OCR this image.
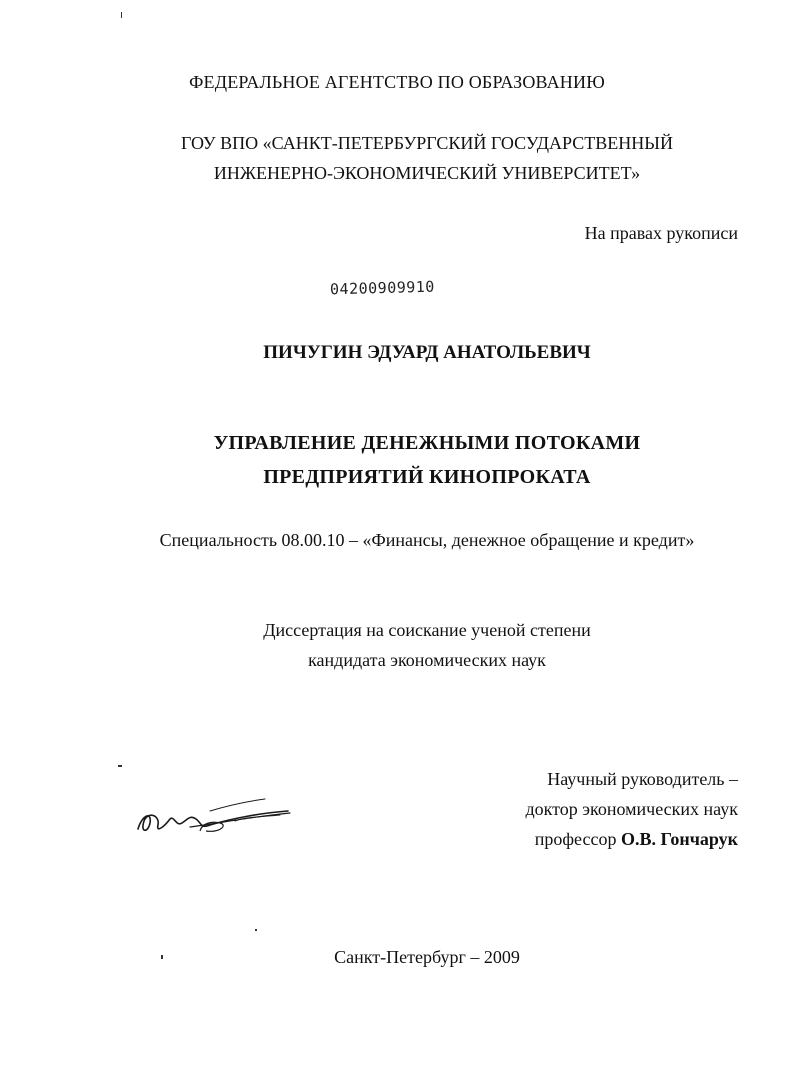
ФЕДЕРАЛЬНОЕ АГЕНТСТВО ПО ОБРАЗОВАНИЮ
ГОУ ВПО «САНКТ-ПЕТЕРБУРГСКИЙ ГОСУДАРСТВЕННЫЙ
ИНЖЕНЕРНО-ЭКОНОМИЧЕСКИЙ УНИВЕРСИТЕТ»
На правах рукописи
04200909910
ПИЧУГИН ЭДУАРД АНАТОЛЬЕВИЧ
УПРАВЛЕНИЕ ДЕНЕЖНЫМИ ПОТОКАМИ
ПРЕДПРИЯТИЙ КИНОПРОКАТА
Специальность 08.00.10 – «Финансы, денежное обращение и кредит»
Диссертация на соискание ученой степени
кандидата экономических наук
Научный руководитель –
доктор экономических наук
профессор О.В. Гончарук
Санкт-Петербург – 2009
